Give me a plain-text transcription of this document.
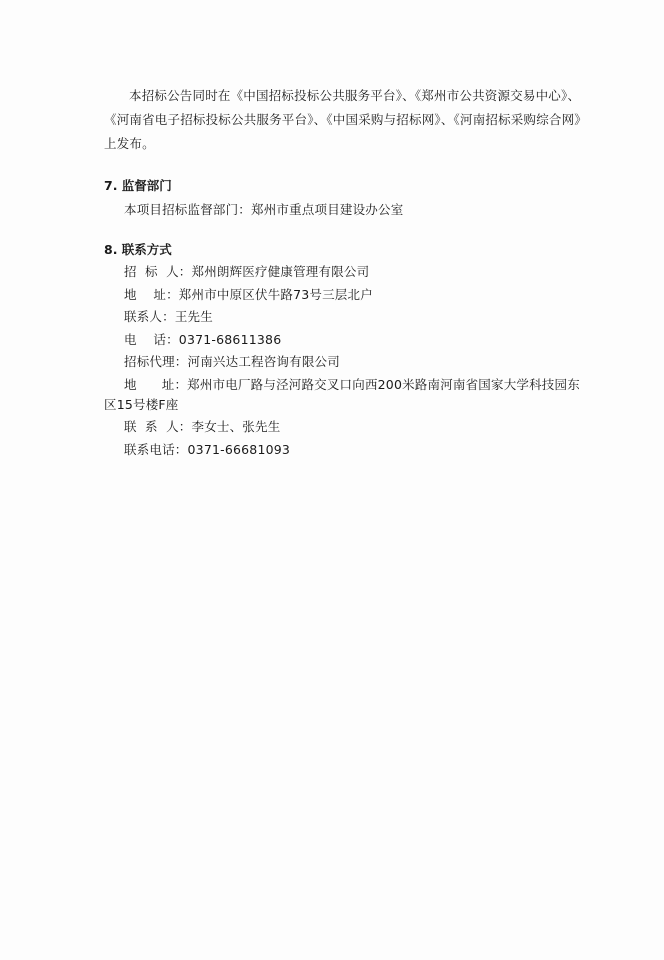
本招标公告同时在《中国招标投标公共服务平台》、《郑州市公共资源交易中心》、《河南省电子招标投标公共服务平台》、《中国采购与招标网》、《河南招标采购综合网》上发布。
7. 监督部门
本项目招标监督部门：郑州市重点项目建设办公室
8. 联系方式
招  标  人：郑州朗辉医疗健康管理有限公司
地    址：郑州市中原区伏牛路73号三层北户
联系人：王先生
电    话：0371-68611386
招标代理：河南兴达工程咨询有限公司
地      址：郑州市电厂路与泾河路交叉口向西200米路南河南省国家大学科技园东区15号楼F座
联  系  人：李女士、张先生
联系电话：0371-66681093
